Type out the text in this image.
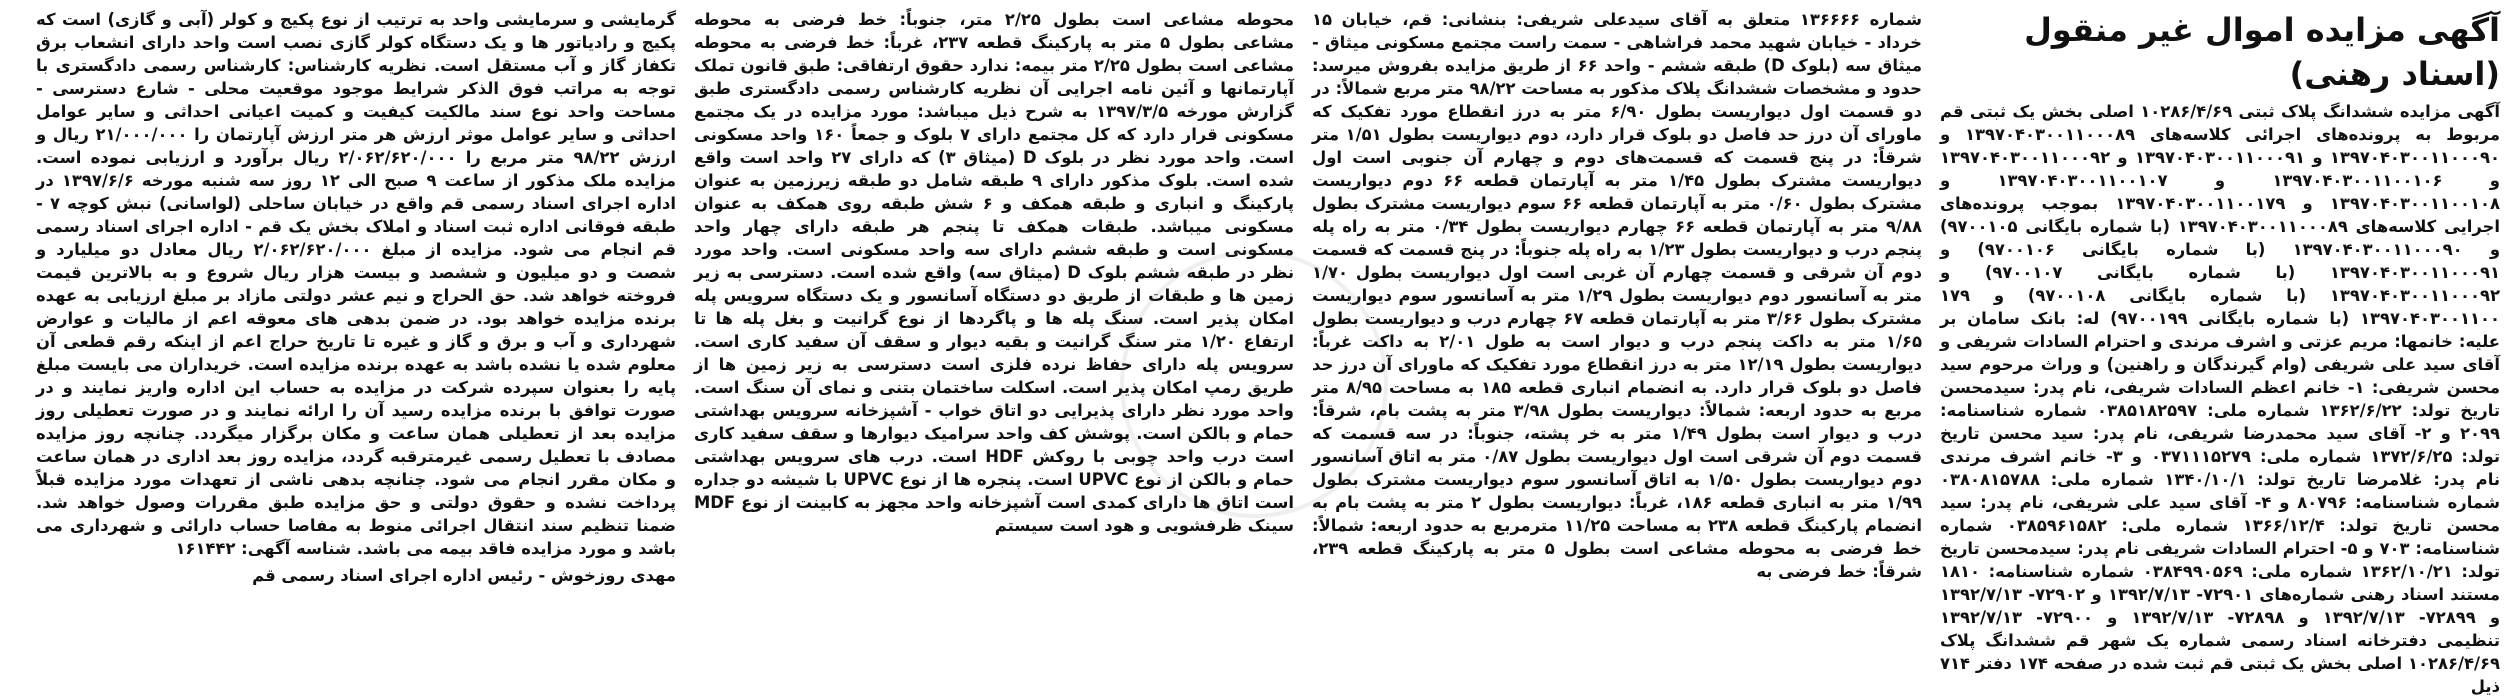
آگهی مزایده اموال غیر منقول (اسناد رهنی)

آگهی مزایده ششدانگ پلاک ثبتی ۱۰۲۸۶/۴/۶۹ اصلی بخش یک ثبتی قم مربوط به پرونده‌های اجرائی کلاسه‌های ۱۳۹۷۰۴۰۳۰۰۱۱۰۰۰۸۹ و ۱۳۹۷۰۴۰۳۰۰۱۱۰۰۰۹۰ و ۱۳۹۷۰۴۰۳۰۰۱۱۰۰۰۹۱ و ۱۳۹۷۰۴۰۳۰۰۱۱۰۰۰۹۲ و ۱۳۹۷۰۴۰۳۰۰۱۱۰۰۱۰۶ و ۱۳۹۷۰۴۰۳۰۰۱۱۰۰۱۰۷ و ۱۳۹۷۰۴۰۳۰۰۱۱۰۰۱۰۸ و ۱۳۹۷۰۴۰۳۰۰۱۱۰۰۱۷۹ بموجب پرونده‌های اجرایی کلاسه‌های ۱۳۹۷۰۴۰۳۰۰۱۱۰۰۰۸۹ (با شماره بایگانی ۹۷۰۰۱۰۵) و ۱۳۹۷۰۴۰۳۰۰۱۱۰۰۰۹۰ (با شماره بایگانی ۹۷۰۰۱۰۶) و ۱۳۹۷۰۴۰۳۰۰۱۱۰۰۰۹۱ (با شماره بایگانی ۹۷۰۰۱۰۷) و ۱۳۹۷۰۴۰۳۰۰۱۱۰۰۰۹۲ (با شماره بایگانی ۹۷۰۰۱۰۸) و ۱۷۹ ۱۳۹۷۰۴۰۳۰۰۱۱۰۰ (با شماره بایگانی ۹۷۰۰۱۹۹) له: بانک سامان بر علیه: خانمها: مریم عزتی و اشرف مرندی و احترام السادات شریفی و آقای سید علی شریفی (وام گیرندگان و راهنین) و وراث مرحوم سید محسن شریفی: ۱- خانم اعظم السادات شریفی، نام پدر: سیدمحسن تاریخ تولد: ۱۳۶۲/۶/۲۲ شماره ملی: ۰۳۸۵۱۸۲۵۹۷ شماره شناسنامه: ۲۰۹۹ و ۲- آقای سید محمدرضا شریفی، نام پدر: سید محسن تاریخ تولد: ۱۳۷۲/۶/۲۵ شماره ملی: ۰۳۷۱۱۱۵۲۷۹ و ۳- خانم اشرف مرندی نام پدر: غلامرضا تاریخ تولد: ۱۳۴۰/۱۰/۱ شماره ملی: ۰۳۸۰۸۱۵۷۸۸ شماره شناسنامه: ۸۰۷۹۶ و ۴- آقای سید علی شریفی، نام پدر: سید محسن تاریخ تولد: ۱۳۶۶/۱۲/۴ شماره ملی: ۰۳۸۵۹۶۱۵۸۲ شماره شناسنامه: ۷۰۳ و ۵- احترام السادات شریفی نام پدر: سیدمحسن تاریخ تولد: ۱۳۶۲/۱۰/۲۱ شماره ملی: ۰۳۸۴۹۹۰۵۶۹ شماره شناسنامه: ۱۸۱۰ مستند اسناد رهنی شماره‌های ۷۲۹۰۱- ۱۳۹۲/۷/۱۳ و ۷۲۹۰۲- ۱۳۹۲/۷/۱۳ و ۷۲۸۹۹- ۱۳۹۲/۷/۱۳ و ۷۲۸۹۸- ۱۳۹۲/۷/۱۳ و ۷۲۹۰۰- ۱۳۹۲/۷/۱۳ تنظیمی دفترخانه اسناد رسمی شماره یک شهر قم ششدانگ پلاک ۱۰۲۸۶/۴/۶۹ اصلی بخش یک ثبتی قم ثبت شده در صفحه ۱۷۴ دفتر ۷۱۴ ذیل

شماره ۱۳۶۶۶۶ متعلق به آقای سیدعلی شریفی: بنشانی: قم، خیابان ۱۵ خرداد - خیابان شهید محمد فراشاهی - سمت راست مجتمع مسکونی میثاق - میثاق سه (بلوک D) طبقه ششم - واحد ۶۶ از طریق مزایده بفروش میرسد: حدود و مشخصات ششدانگ پلاک مذکور به مساحت ۹۸/۲۲ متر مربع شمالاً: در دو قسمت اول دیواریست بطول ۶/۹۰ متر به درز انقطاع مورد تفکیک که ماورای آن درز حد فاصل دو بلوک قرار دارد، دوم دیواریست بطول ۱/۵۱ متر شرقاً: در پنج قسمت که قسمت‌های دوم و چهارم آن جنوبی است اول دیواریست مشترک بطول ۱/۴۵ متر به آپارتمان قطعه ۶۶ دوم دیواریست مشترک بطول ۰/۶۰ متر به آپارتمان قطعه ۶۶ سوم دیواریست مشترک بطول ۹/۸۸ متر به آپارتمان قطعه ۶۶ چهارم دیواریست بطول ۰/۳۴ متر به راه پله پنجم درب و دیواریست بطول ۱/۲۳ به راه پله جنوباً: در پنج قسمت که قسمت دوم آن شرقی و قسمت چهارم آن غربی است اول دیواریست بطول ۱/۷۰ متر به آسانسور دوم دیواریست بطول ۱/۲۹ متر به آسانسور سوم دیواریست مشترک بطول ۳/۶۶ متر به آپارتمان قطعه ۶۷ چهارم درب و دیواریست بطول ۱/۶۵ متر به داکت پنجم درب و دیوار است به طول ۲/۰۱ به داکت غرباً: دیواریست بطول ۱۲/۱۹ متر به درز انقطاع مورد تفکیک که ماورای آن درز حد فاصل دو بلوک قرار دارد. به انضمام انباری قطعه ۱۸۵ به مساحت ۸/۹۵ متر مربع به حدود اربعه: شمالاً: دیواریست بطول ۳/۹۸ متر به پشت بام، شرقاً: درب و دیوار است بطول ۱/۴۹ متر به خر پشته، جنوباً: در سه قسمت که قسمت دوم آن شرقی است اول دیواریست بطول ۰/۸۷ متر به اتاق آسانسور دوم دیواریست بطول ۱/۵۰ به اتاق آسانسور سوم دیواریست مشترک بطول ۱/۹۹ متر به انباری قطعه ۱۸۶، غرباً: دیواریست بطول ۲ متر به پشت بام به انضمام پارکینگ قطعه ۲۳۸ به مساحت ۱۱/۲۵ مترمربع به حدود اربعه: شمالاً: خط فرضی به محوطه مشاعی است بطول ۵ متر به پارکینگ قطعه ۲۳۹، شرقاً: خط فرضی به

محوطه مشاعی است بطول ۲/۲۵ متر، جنوباً: خط فرضی به محوطه مشاعی بطول ۵ متر به پارکینگ قطعه ۲۳۷، غرباً: خط فرضی به محوطه مشاعی است بطول ۲/۲۵ متر بیمه: ندارد حقوق ارتفاقی: طبق قانون تملک آپارتمانها و آئین نامه اجرایی آن نظریه کارشناس رسمی دادگستری طبق گزارش مورخه ۱۳۹۷/۳/۵ به شرح ذیل میباشد: مورد مزایده در یک مجتمع مسکونی قرار دارد که کل مجتمع دارای ۷ بلوک و جمعاً ۱۶۰ واحد مسکونی است. واحد مورد نظر در بلوک D (میثاق ۳) که دارای ۲۷ واحد است واقع شده است. بلوک مذکور دارای ۹ طبقه شامل دو طبقه زیرزمین به عنوان پارکینگ و انباری و طبقه همکف و ۶ شش طبقه روی همکف به عنوان مسکونی میباشد. طبقات همکف تا پنجم هر طبقه دارای چهار واحد مسکونی است و طبقه ششم دارای سه واحد مسکونی است. واحد مورد نظر در طبقه ششم بلوک D (میثاق سه) واقع شده است. دسترسی به زیر زمین ها و طبقات از طریق دو دستگاه آسانسور و یک دستگاه سرویس پله امکان پذیر است. سنگ پله ها و پاگردها از نوع گرانیت و بغل پله ها تا ارتفاع ۱/۲۰ متر سنگ گرانیت و بقیه دیوار و سقف آن سفید کاری است. سرویس پله دارای حفاظ نرده فلزی است دسترسی به زیر زمین ها از طریق رمپ امکان پذیر است. اسکلت ساختمان بتنی و نمای آن سنگ است. واحد مورد نظر دارای پذیرایی دو اتاق خواب - آشپزخانه سرویس بهداشتی حمام و بالکن است. پوشش کف واحد سرامیک دیوارها و سقف سفید کاری است درب واحد چوبی با روکش HDF است. درب های سرویس بهداشتی حمام و بالکن از نوع UPVC است. پنجره ها از نوع UPVC با شیشه دو جداره است اتاق ها دارای کمدی است آشپزخانه واحد مجهز به کابینت از نوع MDF سینک ظرفشویی و هود است سیستم

گرمایشی و سرمایشی واحد به ترتیب از نوع پکیج و کولر (آبی و گازی) است که پکیج و رادیاتور ها و یک دستگاه کولر گازی نصب است واحد دارای انشعاب برق تکفاز گاز و آب مستقل است. نظریه کارشناس: کارشناس رسمی دادگستری با توجه به مراتب فوق الذکر شرایط موجود موقعیت محلی - شارع دسترسی - مساحت واحد نوع سند مالکیت کیفیت و کمیت اعیانی احداثی و سایر عوامل احداثی و سایر عوامل موثر ارزش هر متر ارزش آپارتمان را ۲۱/۰۰۰/۰۰۰ ریال و ارزش ۹۸/۲۲ متر مربع را ۲/۰۶۲/۶۲۰/۰۰۰ ریال برآورد و ارزیابی نموده است. مزایده ملک مذکور از ساعت ۹ صبح الی ۱۲ روز سه شنبه مورخه ۱۳۹۷/۶/۶ در اداره اجرای اسناد رسمی قم واقع در خیابان ساحلی (لواسانی) نبش کوچه ۷ - طبقه فوقانی اداره ثبت اسناد و املاک بخش یک قم - اداره اجرای اسناد رسمی قم انجام می شود. مزایده از مبلغ ۲/۰۶۲/۶۲۰/۰۰۰ ریال معادل دو میلیارد و شصت و دو میلیون و ششصد و بیست هزار ریال شروع و به بالاترین قیمت فروخته خواهد شد. حق الحراج و نیم عشر دولتی مازاد بر مبلغ ارزیابی به عهده برنده مزایده خواهد بود. در ضمن بدهی های معوقه اعم از مالیات و عوارض شهرداری و آب و برق و گاز و غیره تا تاریخ حراج اعم از اینکه رقم قطعی آن معلوم شده یا نشده باشد به عهده برنده مزایده است. خریداران می بایست مبلغ پایه را بعنوان سپرده شرکت در مزایده به حساب این اداره واریز نمایند و در صورت توافق با برنده مزایده رسید آن را ارائه نمایند و در صورت تعطیلی روز مزایده بعد از تعطیلی همان ساعت و مکان برگزار میگردد. چنانچه روز مزایده مصادف با تعطیل رسمی غیرمترقبه گردد، مزایده روز بعد اداری در همان ساعت و مکان مقرر انجام می شود. چنانچه بدهی ناشی از تعهدات مورد مزایده قبلاً پرداخت نشده و حقوق دولتی و حق مزایده طبق مقررات وصول خواهد شد. ضمنا تنظیم سند انتقال اجرائی منوط به مفاصا حساب دارائی و شهرداری می باشد و مورد مزایده فاقد بیمه می باشد. شناسه آگهی: ۱۶۱۴۴۲

مهدی روزخوش - رئیس اداره اجرای اسناد رسمی قم
